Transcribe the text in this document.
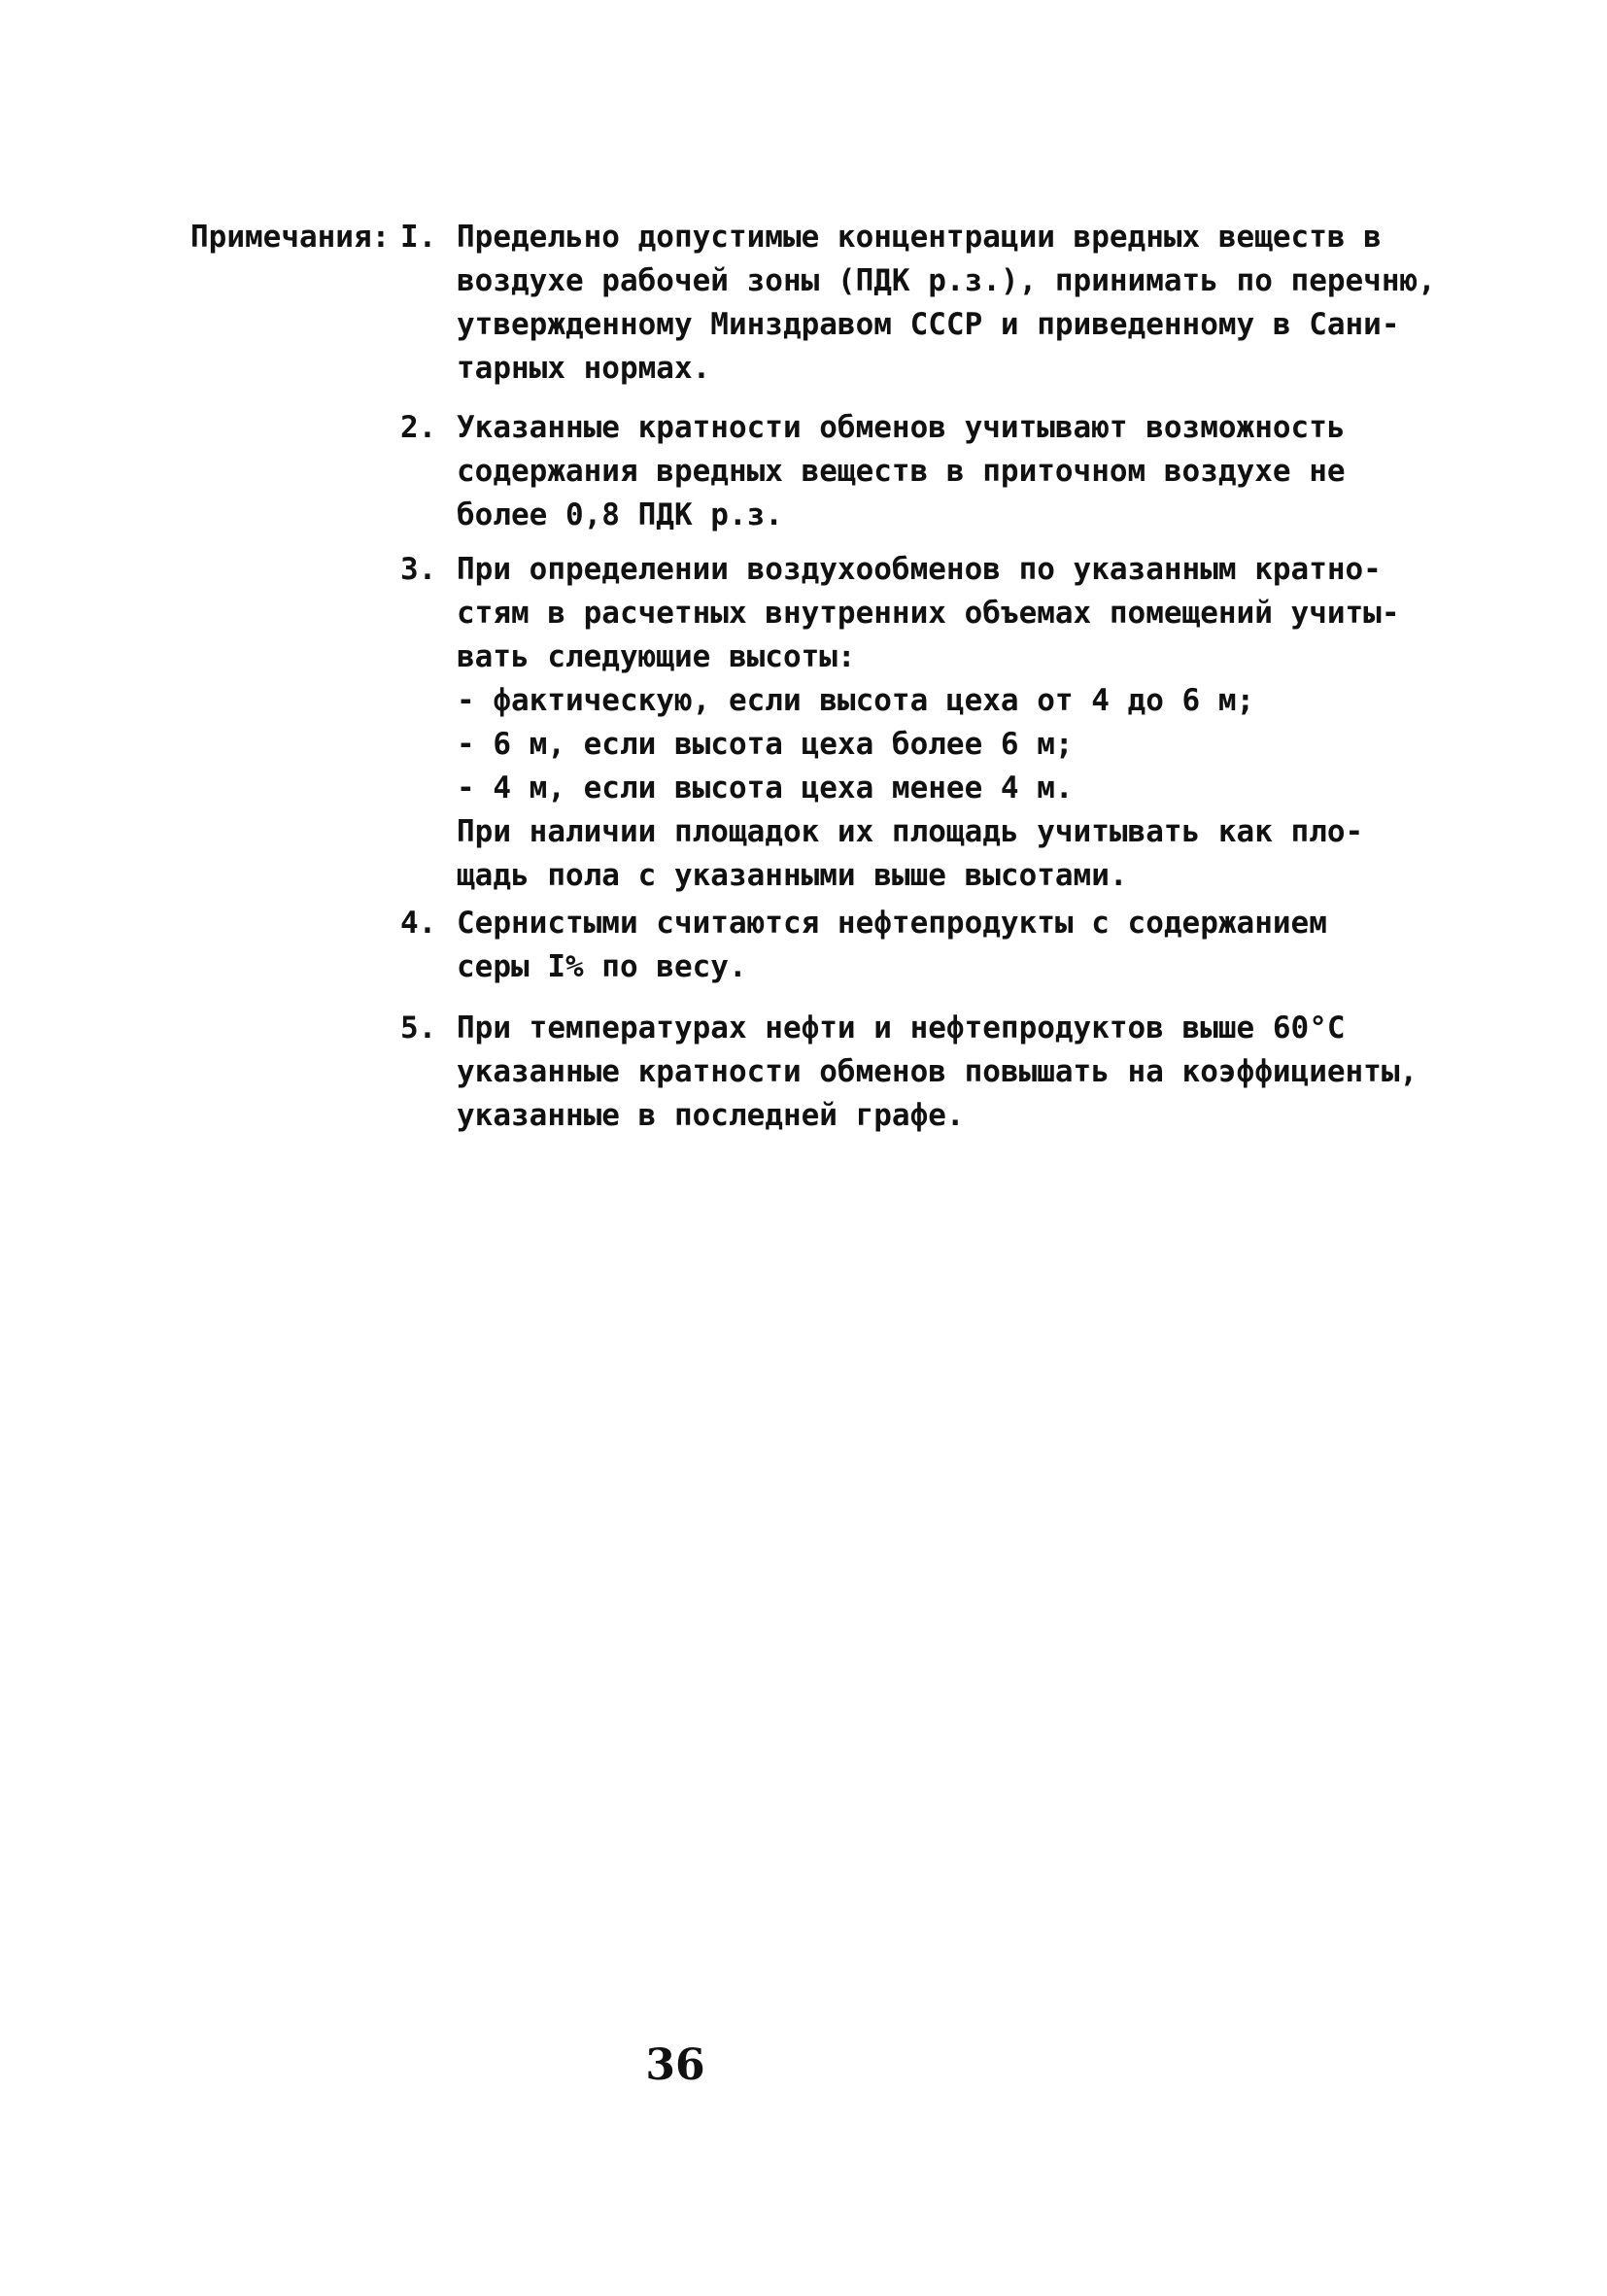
Примечания: I. Предельно допустимые концентрации вредных веществ в
воздухе рабочей зоны (ПДК р.з.), принимать по перечню,
утвержденному Минздравом СССР и приведенному в Сани-
тарных нормах.
2. Указанные кратности обменов учитывают возможность
содержания вредных веществ в приточном воздухе не
более 0,8 ПДК р.з.
3. При определении воздухообменов по указанным кратно-
стям в расчетных внутренних объемах помещений учиты-
вать следующие высоты:
- фактическую, если высота цеха от 4 до 6 м;
- 6 м, если высота цеха более 6 м;
- 4 м, если высота цеха менее 4 м.
При наличии площадок их площадь учитывать как пло-
щадь пола с указанными выше высотами.
4. Сернистыми считаются нефтепродукты с содержанием
серы I% по весу.
5. При температурах нефти и нефтепродуктов выше 60°С
указанные кратности обменов повышать на коэффициенты,
указанные в последней графе.
36
